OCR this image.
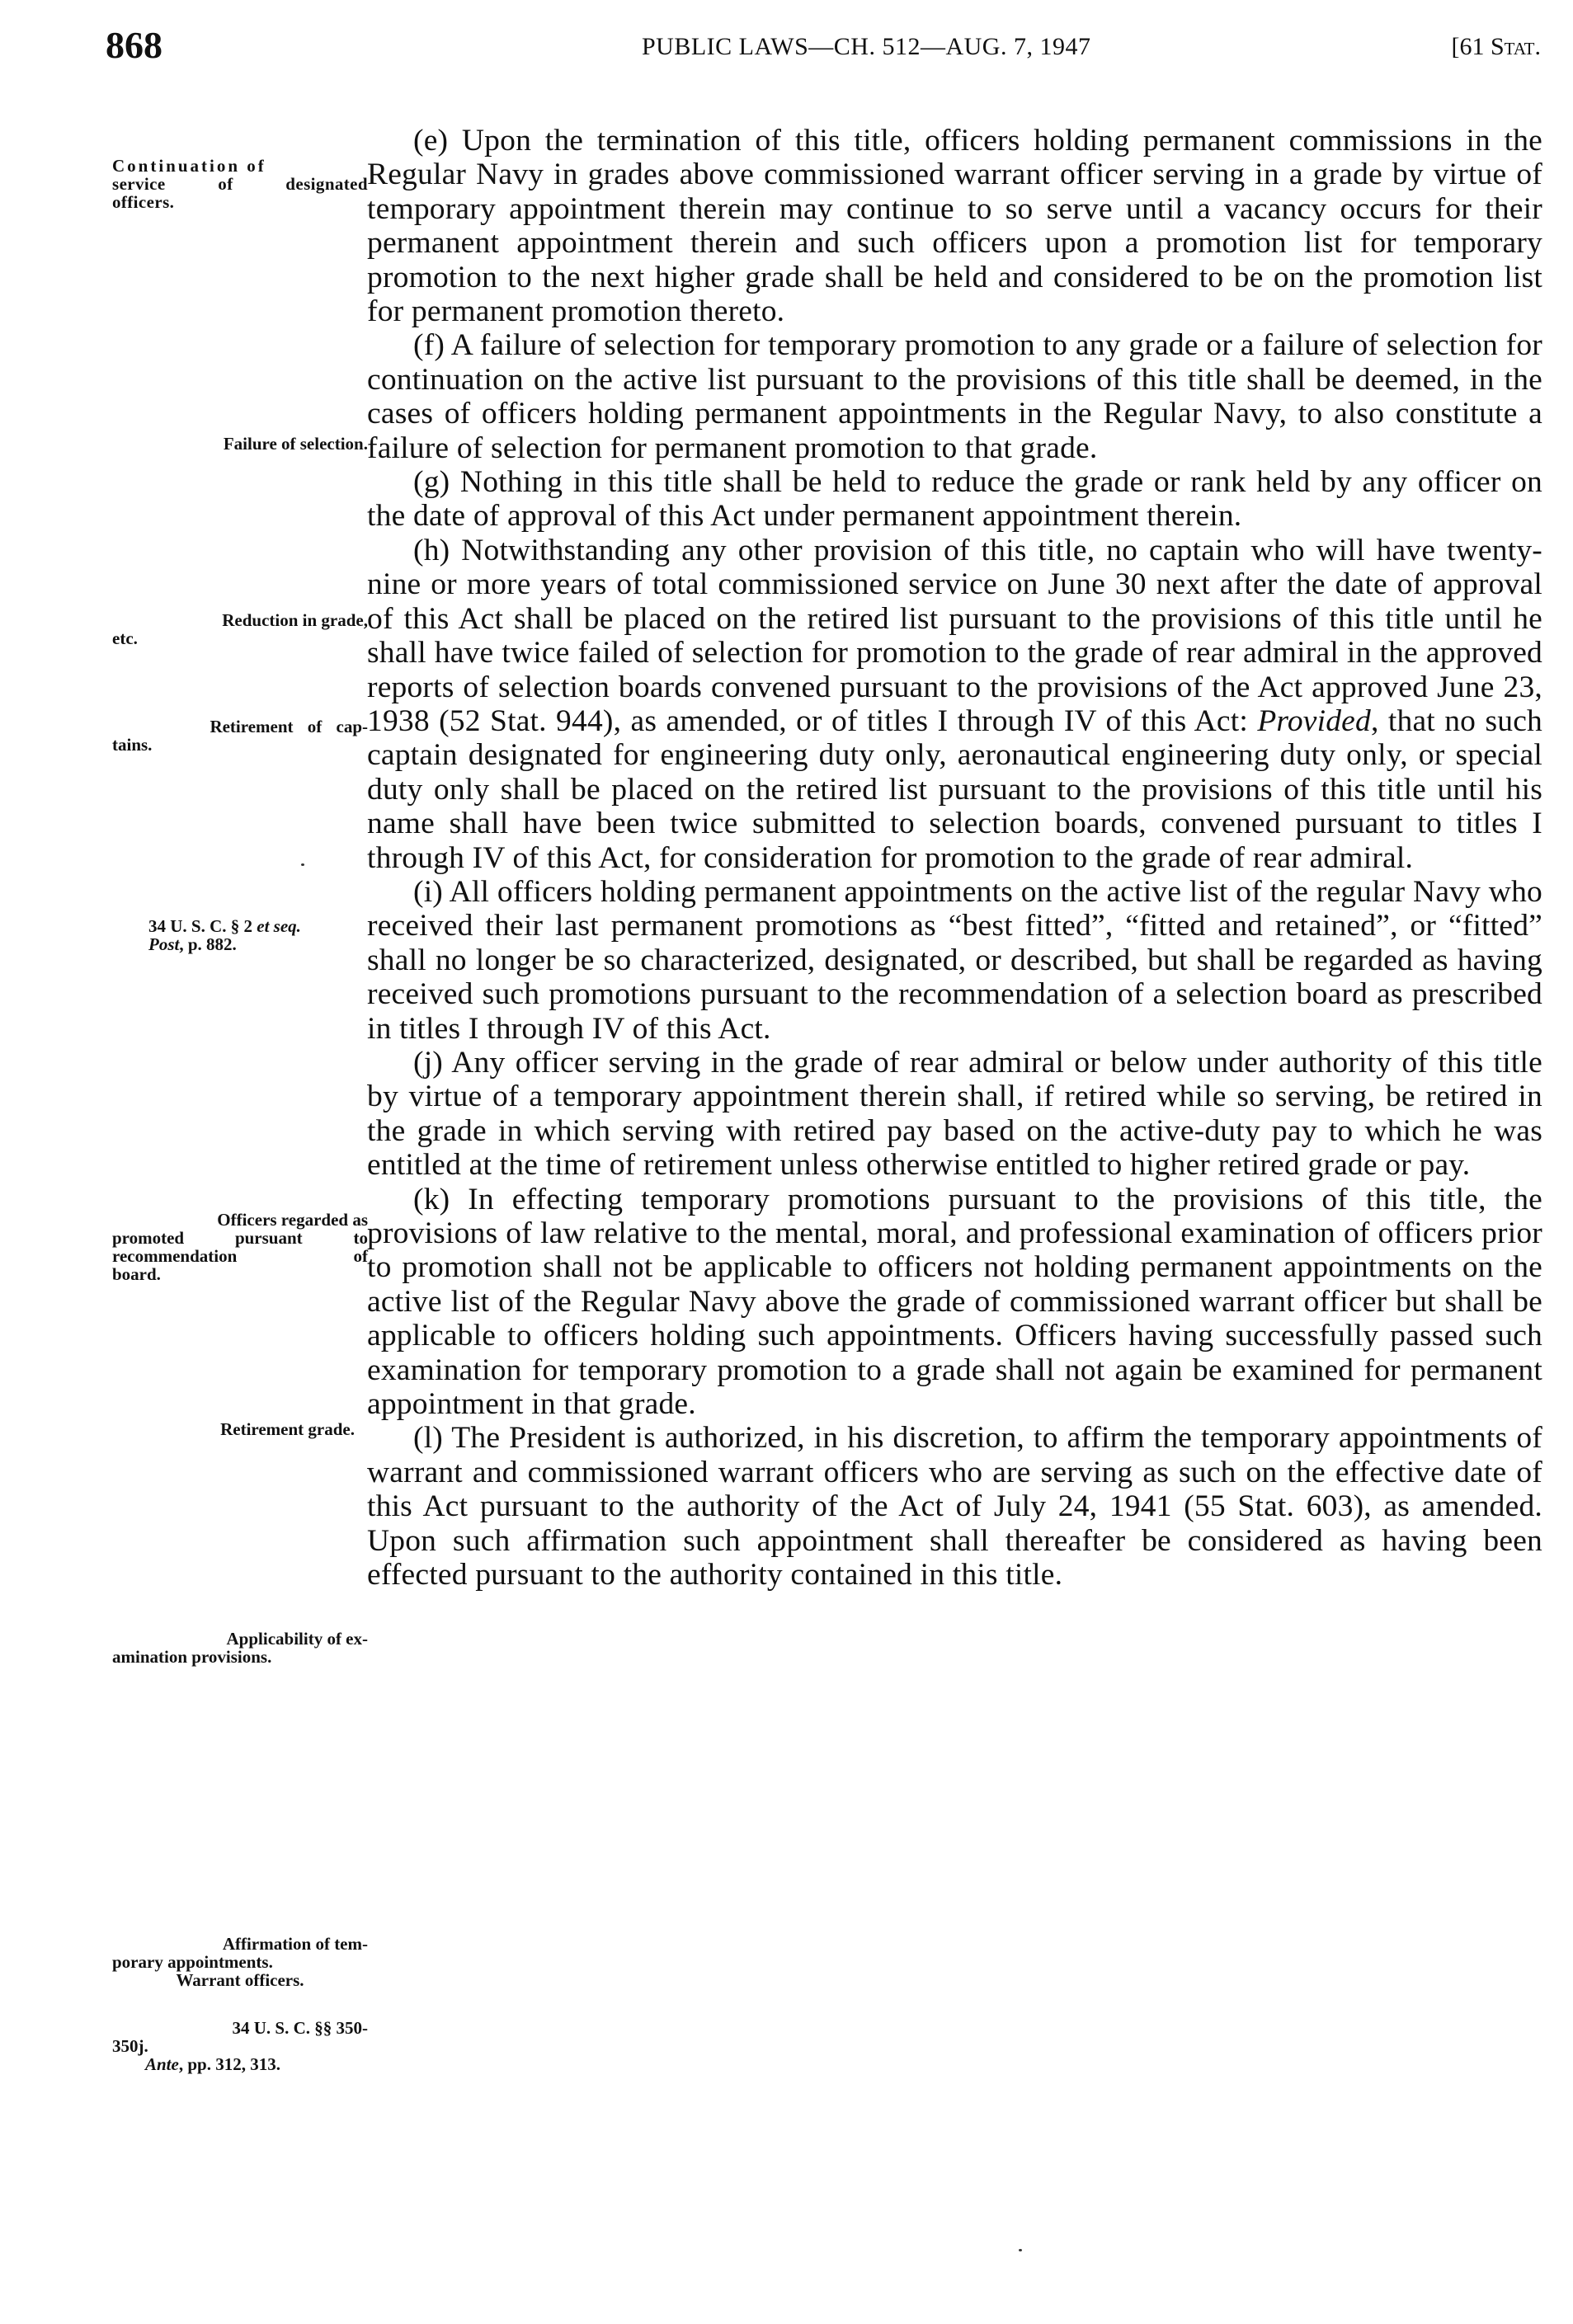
868	PUBLIC LAWS—CH. 512—AUG. 7, 1947	[61 Stat.
Continuation of
service of designated
officers.
Failure of selection.
Reduction in grade,
etc.
Retirement of cap-
tains.
34 U. S. C. § 2 et seq.
Post, p. 882.
Officers regarded as
promoted pursuant to
recommendation of
board.
Retirement grade.
Applicability of ex-
amination provisions.
Affirmation of tem-
porary appointments.
Warrant officers.
34 U. S. C. §§ 350-
350j.
Ante, pp. 312, 313.

(e) Upon the termination of this title, officers holding permanent commissions in the Regular Navy in grades above commissioned warrant officer serving in a grade by virtue of temporary appointment therein may continue to so serve until a vacancy occurs for their permanent appointment therein and such officers upon a promotion list for temporary promotion to the next higher grade shall be held and considered to be on the promotion list for permanent promotion thereto.

(f) A failure of selection for temporary promotion to any grade or a failure of selection for continuation on the active list pursuant to the provisions of this title shall be deemed, in the cases of officers holding permanent appointments in the Regular Navy, to also constitute a failure of selection for permanent promotion to that grade.

(g) Nothing in this title shall be held to reduce the grade or rank held by any officer on the date of approval of this Act under permanent appointment therein.

(h) Notwithstanding any other provision of this title, no captain who will have twenty-nine or more years of total commissioned service on June 30 next after the date of approval of this Act shall be placed on the retired list pursuant to the provisions of this title until he shall have twice failed of selection for promotion to the grade of rear admiral in the approved reports of selection boards convened pursuant to the provisions of the Act approved June 23, 1938 (52 Stat. 944), as amended, or of titles I through IV of this Act: Provided, that no such captain designated for engineering duty only, aeronautical engineering duty only, or special duty only shall be placed on the retired list pursuant to the provisions of this title until his name shall have been twice submitted to selection boards, convened pursuant to titles I through IV of this Act, for consideration for promotion to the grade of rear admiral.

(i) All officers holding permanent appointments on the active list of the regular Navy who received their last permanent promotions as “best fitted”, “fitted and retained”, or “fitted” shall no longer be so characterized, designated, or described, but shall be regarded as having received such promotions pursuant to the recommendation of a selection board as prescribed in titles I through IV of this Act.

(j) Any officer serving in the grade of rear admiral or below under authority of this title by virtue of a temporary appointment therein shall, if retired while so serving, be retired in the grade in which serving with retired pay based on the active-duty pay to which he was entitled at the time of retirement unless otherwise entitled to higher retired grade or pay.

(k) In effecting temporary promotions pursuant to the provisions of this title, the provisions of law relative to the mental, moral, and professional examination of officers prior to promotion shall not be applicable to officers not holding permanent appointments on the active list of the Regular Navy above the grade of commissioned warrant officer but shall be applicable to officers holding such appointments. Officers having successfully passed such examination for temporary promotion to a grade shall not again be examined for permanent appointment in that grade.

(l) The President is authorized, in his discretion, to affirm the temporary appointments of warrant and commissioned warrant officers who are serving as such on the effective date of this Act pursuant to the authority of the Act of July 24, 1941 (55 Stat. 603), as amended. Upon such affirmation such appointment shall thereafter be considered as having been effected pursuant to the authority contained in this title.
